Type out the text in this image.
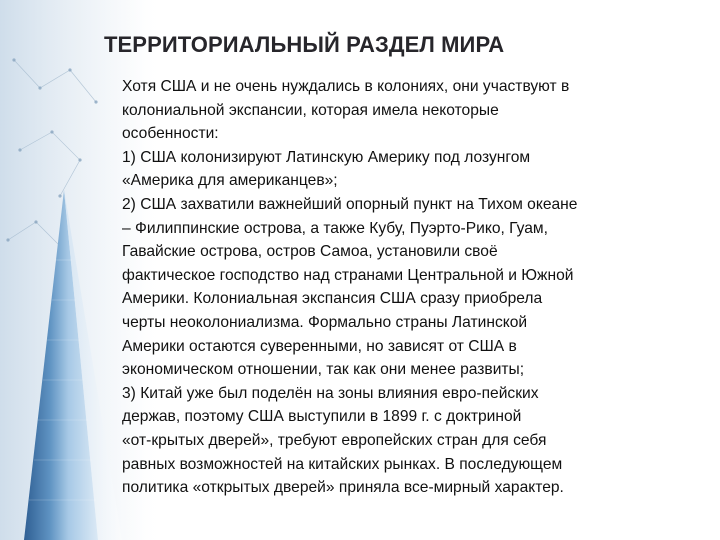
ТЕРРИТОРИАЛЬНЫЙ РАЗДЕЛ МИРА

Хотя США и не очень нуждались в колониях, они участвуют в
колониальной экспансии, которая имела некоторые
особенности:

1) США колонизируют Латинскую Америку под лозунгом
«Америка для американцев»;

2) США захватили важнейший опорный пункт на Тихом океане
– Филиппинские острова, а также Кубу, Пуэрто-Рико, Гуам,
Гавайские острова, остров Самоа, установили своё
фактическое господство над странами Центральной и Южной
Америки. Колониальная экспансия США сразу приобрела
черты неоколониализма. Формально страны Латинской
Америки остаются суверенными, но зависят от США в
экономическом отношении, так как они менее развиты;

3) Китай уже был поделён на зоны влияния евро-пейских
держав, поэтому США выступили в 1899 г. с доктриной
«от-крытых дверей», требуют европейских стран для себя
равных возможностей на китайских рынках. В последующем
политика «открытых дверей» приняла все-мирный характер.
